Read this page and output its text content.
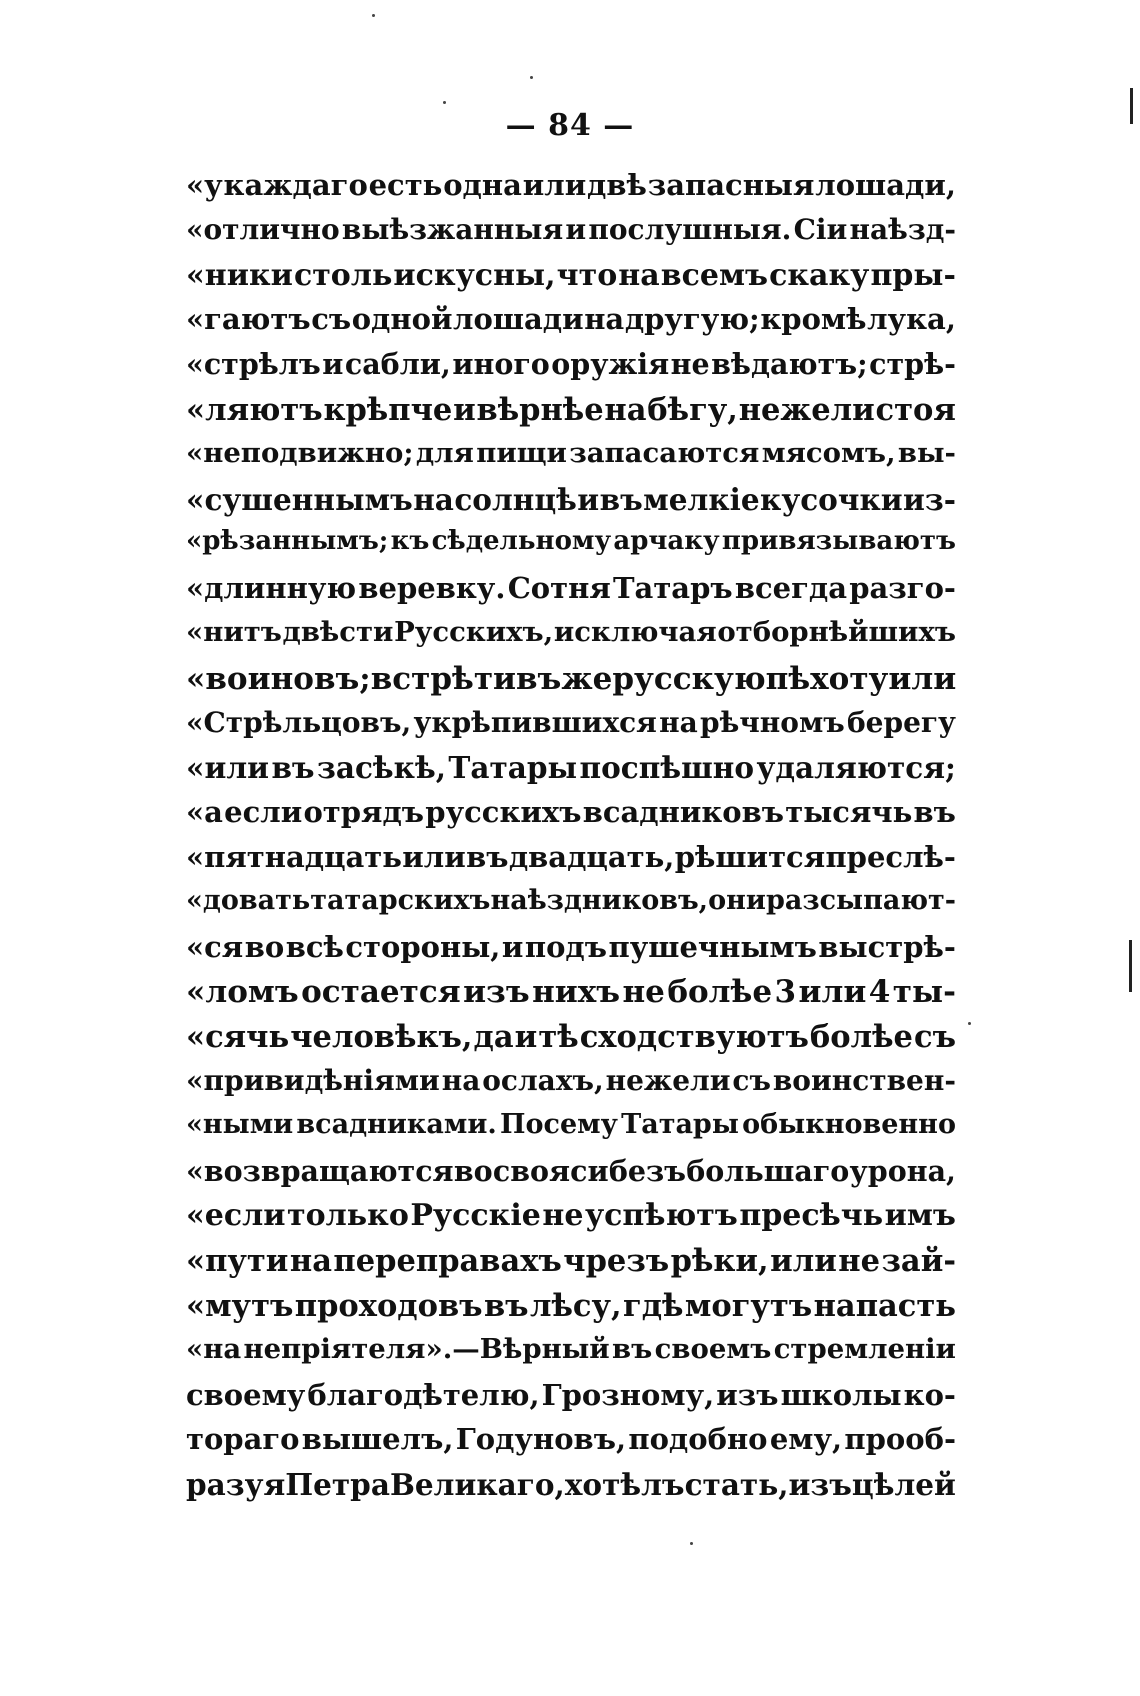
— 84 —
«у каждаго есть одна или двѣ запасныя лошади,
«отлично выѣзжанныя и послушныя. Сіи наѣзд-
«ники столь искусны, что на всемъ скаку пры-
«гаютъ съ одной лошади на другую; кромѣ лука,
«стрѣлъ и сабли, иного оружія не вѣдаютъ; стрѣ-
«ляютъ крѣпче и вѣрнѣе на бѣгу, нежели стоя
«неподвижно; для пищи запасаются мясомъ, вы-
«сушеннымъ на солнцѣ и въ мелкіе кусочки из-
«рѣзаннымъ; къ сѣдельному арчаку привязываютъ
«длинную веревку. Сотня Татаръ всегда разго-
«нитъ двѣсти Русскихъ, исключая отборнѣйшихъ
«воиновъ; встрѣтивъ же русскую пѣхоту или
«Стрѣльцовъ, укрѣпившихся на рѣчномъ берегу
«или въ засѣкѣ, Татары поспѣшно удаляются;
«а если отрядъ русскихъ всадниковъ тысячь въ
«пятнадцать или въ двадцать, рѣшится преслѣ-
«довать татарскихъ наѣздниковъ, они разсыпают-
«ся во всѣ стороны, и подъ пушечнымъ выстрѣ-
«ломъ остается изъ нихъ не болѣе 3 или 4 ты-
«сячь человѣкъ, да и тѣ сходствуютъ болѣе съ
«привидѣніями на ослахъ, нежели съ воинствен-
«ными всадниками. Посему Татары обыкновенно
«возвращаются во свояси безъ большаго урона,
«если только Русскіе не успѣютъ пресѣчь имъ
«пути на переправахъ чрезъ рѣки, или не зай-
«мутъ проходовъ въ лѣсу, гдѣ могутъ напасть
«на непріятеля».—Вѣрный въ своемъ стремленіи
своему благодѣтелю, Грозному, изъ школы ко-
тораго вышелъ, Годуновъ, подобно ему, прооб-
разуя Петра Великаго, хотѣлъ стать, изъ цѣлей
